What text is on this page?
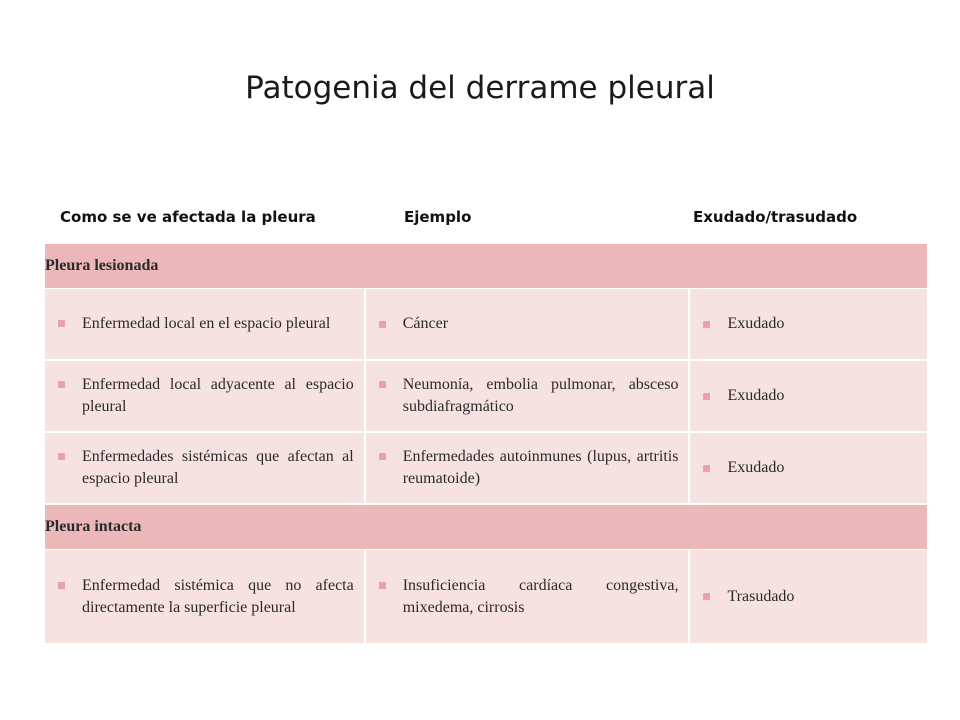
Patogenia del derrame pleural
Como se ve afectada la pleura	Ejemplo	Exudado/trasudado
Pleura lesionada		

Enfermedad local en el espacio pleural	Cáncer	Exudado

Enfermedad local adyacente al espacio pleural	Neumonía, embolia pulmonar, absceso subdiafragmático	Exudado

Enfermedades sistémicas que afectan al espacio pleural	Enfermedades autoinmunes (lupus, artritis reumatoide)	Exudado

Pleura intacta		

Enfermedad sistémica que no afecta directamente la superficie pleural	Insuficiencia cardíaca congestiva, mixedema, cirrosis	Trasudado
